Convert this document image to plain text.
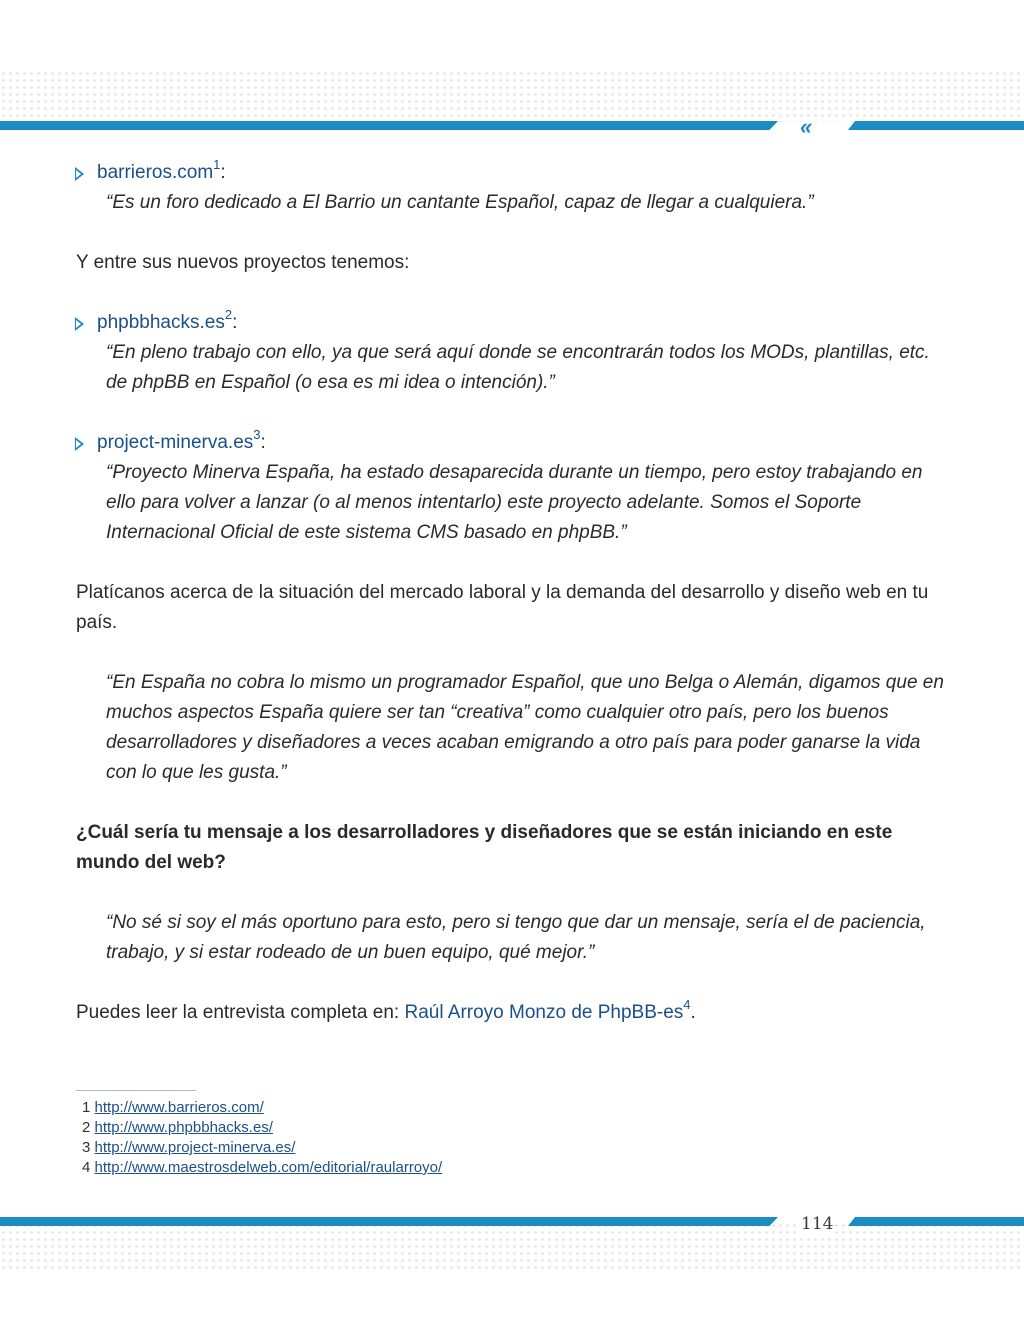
«
barrieros.com$^1$:

“Es un foro dedicado a El Barrio un cantante Español, capaz de llegar a cualquiera.”

Y entre sus nuevos proyectos tenemos:

$phpbbhacks.es^2$:

“En pleno trabajo con ello, ya que será aquí donde se encontrarán todos los MODs, plantillas, etc. de phpBB en Español (o esa es mi idea o intención).”

project-$minerva.es^3$:

“Proyecto Minerva España, ha estado desaparecida durante un tiempo, pero estoy trabajando en ello para volver a lanzar (o al menos intentarlo) este proyecto adelante. Somos el Soporte Internacional Oficial de este sistema CMS basado en phpBB.”

Platícanos acerca de la situación del mercado laboral y la demanda del desarrollo y diseño web en tu país.

“En España no cobra lo mismo un programador Español, que uno Belga o Alemán, digamos que en muchos aspectos España quiere ser tan “creativa” como cualquier otro país, pero los buenos desarrolladores y diseñadores a veces acaban emigrando a otro país para poder ganarse la vida con lo que les gusta.”

¿Cuál sería tu mensaje a los desarrolladores y diseñadores que se están iniciando en este mundo del web?

“No sé si soy el más oportuno para esto, pero si tengo que dar un mensaje, sería el de paciencia, trabajo, y si estar rodeado de un buen equipo, qué mejor.”

Puedes leer la entrevista completa en: Raúl Arroyo Monzo de PhpBB-$es^4$.

1 http://www.barrieros.com/
2 http://www.phpbbhacks.es/
3 http://www.project-minerva.es/
4 http://www.maestrosdelweb.com/editorial/raularroyo/
114
